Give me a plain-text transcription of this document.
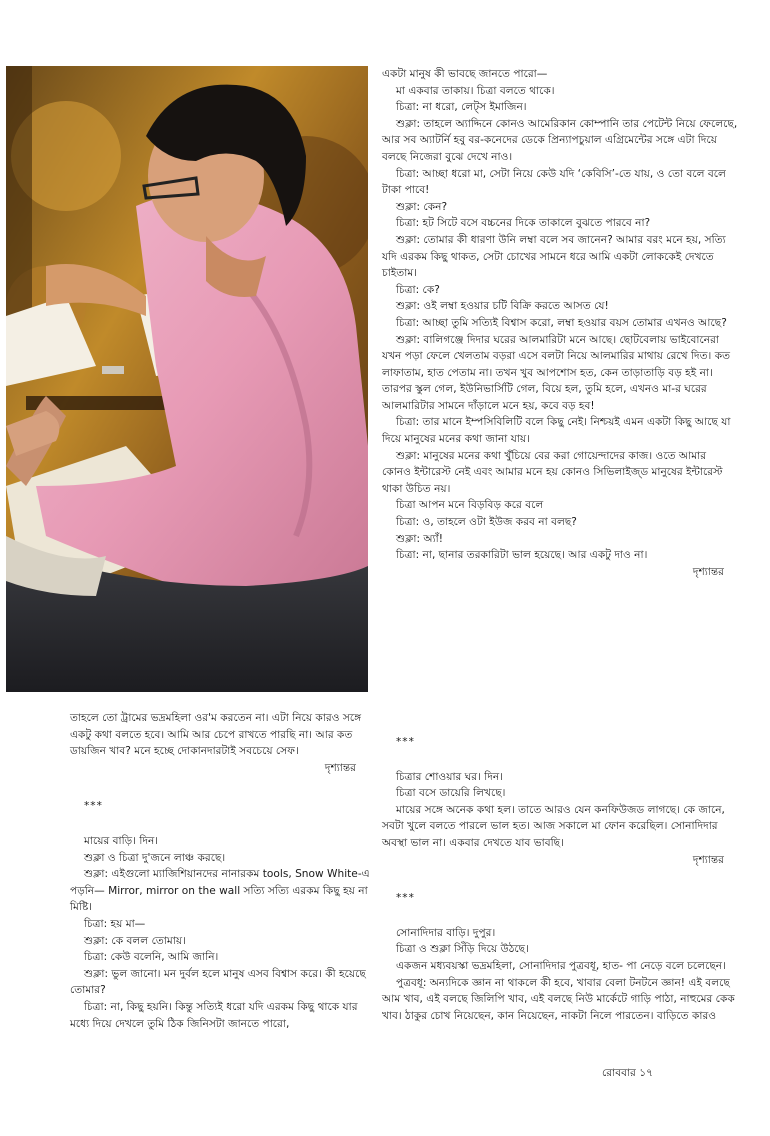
একটা মানুষ কী ভাবছে জানতে পারো—

মা একবার তাকায়। চিত্রা বলতে থাকে।

চিত্রা: না ধরো, লেট্‌স ইমাজিন।

শুক্লা: তাহলে অ্যাদ্দিনে কোনও আমেরিকান কোম্পানি তার পেটেন্ট নিয়ে ফেলেছে, আর সব অ্যাটর্নি হবু বর-কনেদের ডেকে প্রিন্যাপচুয়াল এগ্রিমেন্টের সঙ্গে এটা দিয়ে বলছে নিজেরা বুঝে দেখে নাও।

চিত্রা: আচ্ছা ধরো মা, সেটা নিয়ে কেউ যদি ‘কেবিসি’-তে যায়, ও তো বলে বলে টাকা পাবে!

শুক্লা: কেন?

চিত্রা: হট সিটে বসে বচ্চনের দিকে তাকালে বুঝতে পারবে না?

শুক্লা: তোমার কী ধারণা উনি লম্বা বলে সব জানেন? আমার বরং মনে হয়, সত্যি যদি এরকম কিছু থাকত, সেটা চোখের সামনে ধরে আমি একটা লোককেই দেখতে চাইতাম।

চিত্রা: কে?

শুক্লা: ওই লম্বা হওয়ার চটি বিক্রি করতে আসত যে!

চিত্রা: আচ্ছা তুমি সত্যিই বিশ্বাস করো, লম্বা হওয়ার বয়স তোমার এখনও আছে?

শুক্লা: বালিগঞ্জে দিদার ঘরের আলমারিটা মনে আছে। ছোটবেলায় ভাইবোনেরা যখন পড়া ফেলে খেলতাম বড়রা এসে বলটা নিয়ে আলমারির মাথায় রেখে দিত। কত লাফাতাম, হাত পেতাম না। তখন খুব আপশোস হত, কেন তাড়াতাড়ি বড় হই না। তারপর স্কুল গেল, ইউনিভার্সিটি গেল, বিয়ে হল, তুমি হলে, এখনও মা-র ঘরের আলমারিটার সামনে দাঁড়ালে মনে হয়, কবে বড় হব!

চিত্রা: তার মানে ইম্পসিবিলিটি বলে কিছু নেই। নিশ্চয়ই এমন একটা কিছু আছে যা দিয়ে মানুষের মনের কথা জানা যায়।

শুক্লা: মানুষের মনের কথা খুঁচিয়ে বের করা গোয়েন্দাদের কাজ। ওতে আমার কোনও ইন্টারেস্ট নেই এবং আমার মনে হয় কোনও সিভিলাইজ্‌ড মানুষের ইন্টারেস্ট থাকা উচিত নয়।

চিত্রা আপন মনে বিড়বিড় করে বলে

চিত্রা: ও, তাহলে ওটা ইউজ করব না বলছ?

শুক্লা: অ্যাঁ!

চিত্রা: না, ছানার তরকারিটা ভাল হয়েছে। আর একটু দাও না।

দৃশ্যান্তর

তাহলে তো ট্রামের ভদ্রমহিলা ওর'ম করতেন না। এটা নিয়ে কারও সঙ্গে একটু কথা বলতে হবে। আমি আর চেপে রাখতে পারছি না। আর কত ডায়জিন খাব? মনে হচ্ছে দোকানদারটাই সবচেয়ে সেফ।

দৃশ্যান্তর

***

মায়ের বাড়ি। দিন।

শুক্লা ও চিত্রা দু'জনে লাঞ্চ করছে।

শুক্লা: এইগুলো ম্যাজিশিয়ানদের নানারকম tools, Snow White-এ পড়নি— Mirror, mirror on the wall সত্যি সত্যি এরকম কিছু হয় না মিষ্টি।

চিত্রা: হয় মা—

শুক্লা: কে বলল তোমায়।

চিত্রা: কেউ বলেনি, আমি জানি।

শুক্লা: ভুল জানো। মন দুর্বল হলে মানুষ এসব বিশ্বাস করে। কী হয়েছে তোমার?

চিত্রা: না, কিছু হয়নি। কিন্তু সত্যিই ধরো যদি এরকম কিছু থাকে যার মধ্যে দিয়ে দেখলে তুমি ঠিক জিনিসটা জানতে পারো,

***

চিত্রার শোওয়ার ঘর। দিন।

চিত্রা বসে ডায়েরি লিখছে।

মায়ের সঙ্গে অনেক কথা হল। তাতে আরও যেন কনফিউজড লাগছে। কে জানে, সবটা খুলে বলতে পারলে ভাল হত। আজ সকালে মা ফোন করেছিল। সোনাদিদার অবস্থা ভাল না। একবার দেখতে যাব ভাবছি।

দৃশ্যান্তর

***

সোনাদিদার বাড়ি। দুপুর।

চিত্রা ও শুক্লা সিঁড়ি দিয়ে উঠছে।

একজন মধ্যবয়স্কা ভদ্রমহিলা, সোনাদিদার পুত্রবধূ, হাত- পা নেড়ে বলে চলেছেন।

পুত্রবধূ: অন্যদিকে জ্ঞান না থাকলে কী হবে, খাবার বেলা টনটনে জ্ঞান! এই বলছে আম খাব, এই বলছে জিলিপি খাব, এই বলছে নিউ মার্কেটে গাড়ি পাঠা, নাহুমের কেক খাব। ঠাকুর চোখ নিয়েছেন, কান নিয়েছেন, নাকটা নিলে পারতেন। বাড়িতে কারও

রোববার ১৭
